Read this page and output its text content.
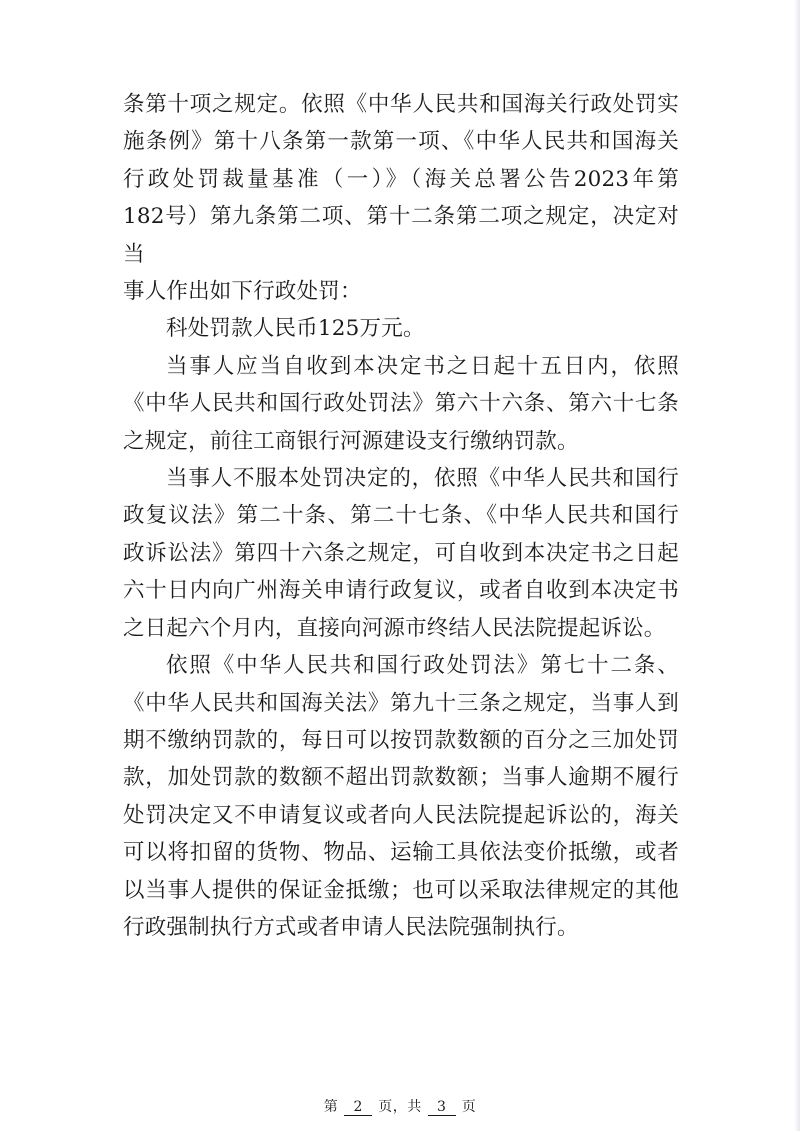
条第十项之规定。依照《中华人民共和国海关行政处罚实
施条例》第十八条第一款第一项、《中华人民共和国海关
行政处罚裁量基准（一）》（海关总署公告2023年第
182号）第九条第二项、第十二条第二项之规定，决定对当
事人作出如下行政处罚：

科处罚款人民币125万元。

当事人应当自收到本决定书之日起十五日内，依照
《中华人民共和国行政处罚法》第六十六条、第六十七条
之规定，前往工商银行河源建设支行缴纳罚款。

当事人不服本处罚决定的，依照《中华人民共和国行
政复议法》第二十条、第二十七条、《中华人民共和国行
政诉讼法》第四十六条之规定，可自收到本决定书之日起
六十日内向广州海关申请行政复议，或者自收到本决定书
之日起六个月内，直接向河源市终结人民法院提起诉讼。

依照《中华人民共和国行政处罚法》第七十二条、
《中华人民共和国海关法》第九十三条之规定，当事人到
期不缴纳罚款的，每日可以按罚款数额的百分之三加处罚
款，加处罚款的数额不超出罚款数额；当事人逾期不履行
处罚决定又不申请复议或者向人民法院提起诉讼的，海关
可以将扣留的货物、物品、运输工具依法变价抵缴，或者
以当事人提供的保证金抵缴；也可以采取法律规定的其他
行政强制执行方式或者申请人民法院强制执行。

第 2 页，共 3 页
